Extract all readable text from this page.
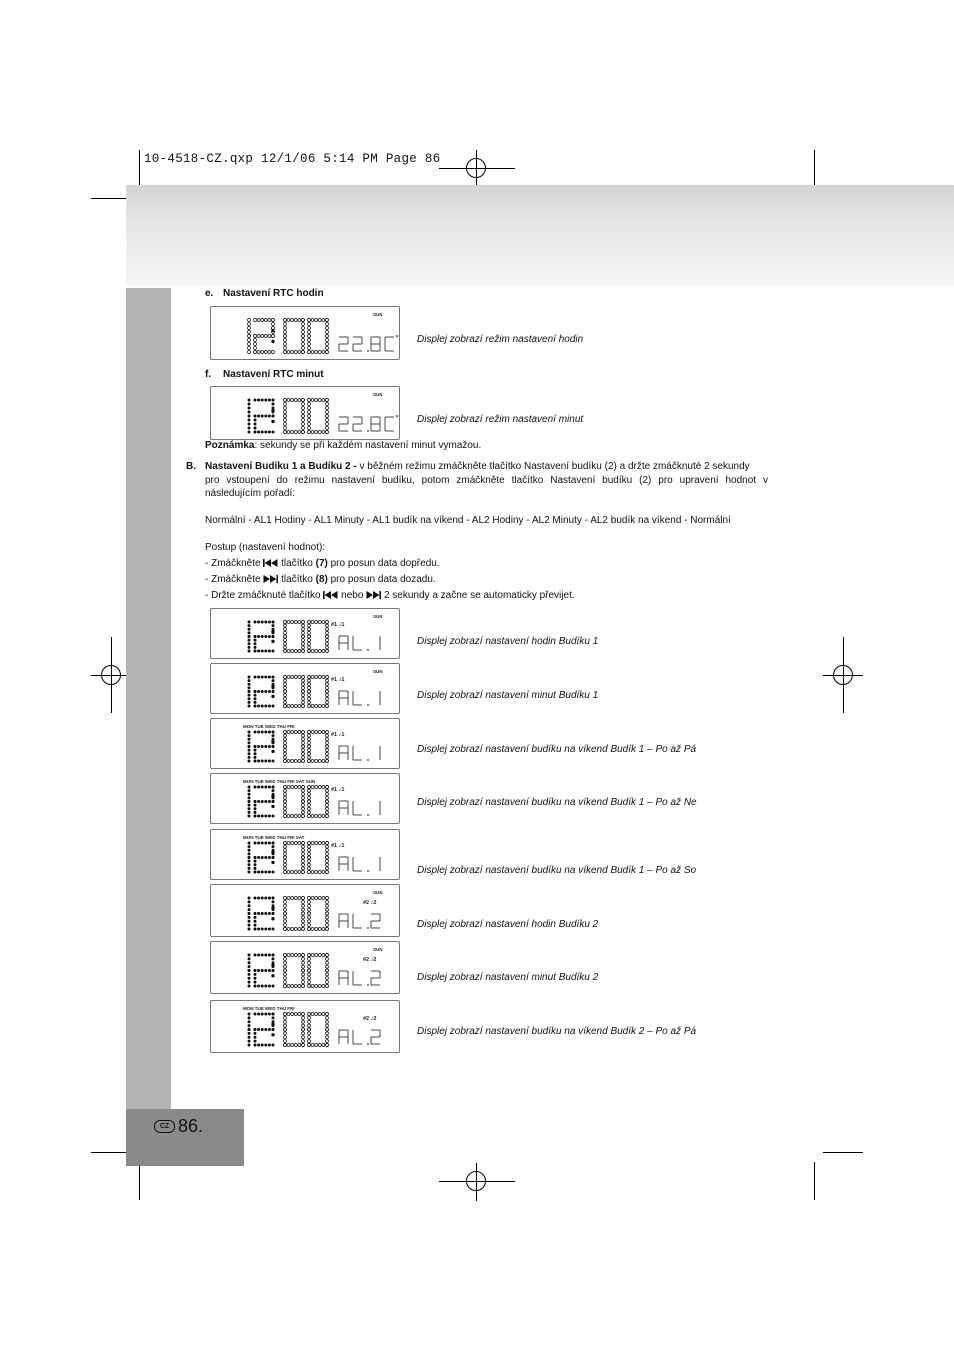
10-4518-CZ.qxp 12/1/06 5:14 PM Page 86
CZ 86.
e. Nastavení RTC hodin
f. Nastavení RTC minut
Poznámka: sekundy se při každém nastavení minut vymažou.
B. Nastavení Budíku 1 a Budíku 2 - v běžném režimu zmáčkněte tlačítko Nastavení budíku (2) a držte zmáčknuté 2 sekundy
pro vstoupení do režimu nastavení budíku, potom zmáčkněte tlačítko Nastavení budíku (2) pro upravení hodnot v
následujícím pořadí:
Normální - AL1 Hodiny - AL1 Minuty - AL1 budík na víkend - AL2 Hodiny - AL2 Minuty - AL2 budík na víkend - Normální
Postup (nastavení hodnot):
- Zmáčkněte tlačítko (7) pro posun data dopředu.
- Zmáčkněte tlačítko (8) pro posun data dozadu.
- Držte zmáčknuté tlačítko nebo 2 sekundy a začne se automaticky převijet.
SUN
Displej zobrazí režim nastavení hodin
SUN
Displej zobrazí režim nastavení minut
SUN
#1 ♪1
Displej zobrazí nastavení hodin Budíku 1
SUN
#1 ♪1
Displej zobrazí nastavení minut Budíku 1
MON TUE WED THU FRI
#1 ♪1
Displej zobrazí nastavení budíku na víkend Budík 1 – Po až Pá
MON TUE WED THU FRI SAT SUN
#1 ♪1
Displej zobrazí nastavení budíku na víkend Budík 1 – Po až Ne
MON TUE WED THU FRI SAT
#1 ♪1
Displej zobrazí nastavení budíku na víkend Budík 1 – Po až So
SUN
#2 ♪2
Displej zobrazí nastavení hodin Budíku 2
SUN
#2 ♪2
Displej zobrazí nastavení minut Budíku 2
MON TUE WED THU FRI
#2 ♪2
Displej zobrazí nastavení budíku na víkend Budík 2 – Po až Pá
